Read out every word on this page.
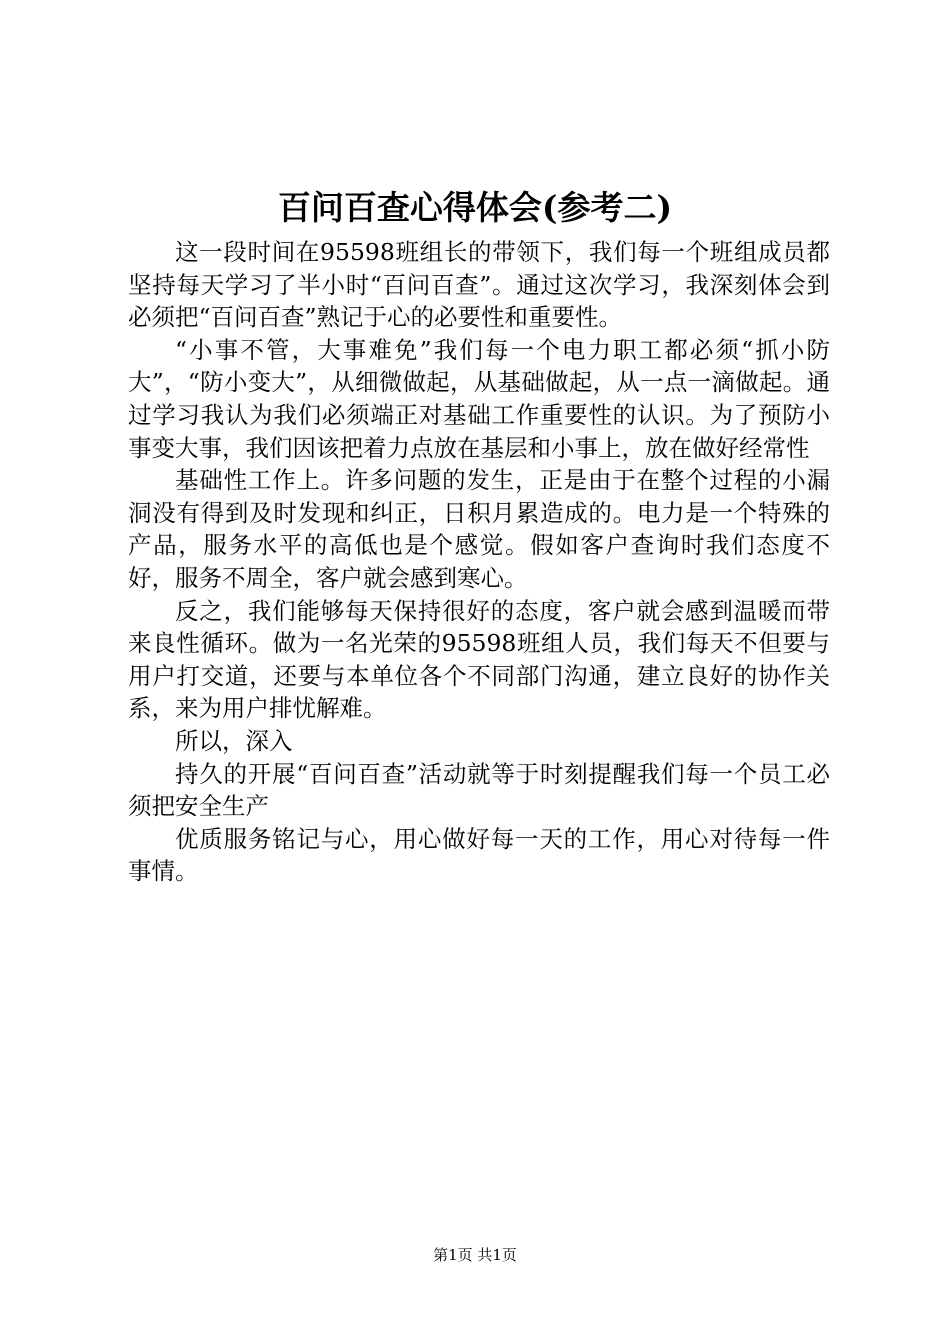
百问百查心得体会(参考二)

这一段时间在95598班组长的带领下，我们每一个班组成员都坚持每天学习了半小时“百问百查”。通过这次学习，我深刻体会到必须把“百问百查”熟记于心的必要性和重要性。

“小事不管，大事难免”我们每一个电力职工都必须“抓小防大”，“防小变大”，从细微做起，从基础做起，从一点一滴做起。通过学习我认为我们必须端正对基础工作重要性的认识。为了预防小事变大事，我们因该把着力点放在基层和小事上，放在做好经常性

基础性工作上。许多问题的发生，正是由于在整个过程的小漏洞没有得到及时发现和纠正，日积月累造成的。电力是一个特殊的产品，服务水平的高低也是个感觉。假如客户查询时我们态度不好，服务不周全，客户就会感到寒心。

反之，我们能够每天保持很好的态度，客户就会感到温暖而带来良性循环。做为一名光荣的95598班组人员，我们每天不但要与用户打交道，还要与本单位各个不同部门沟通，建立良好的协作关系，来为用户排忧解难。

所以，深入

持久的开展“百问百查”活动就等于时刻提醒我们每一个员工必须把安全生产

优质服务铭记与心，用心做好每一天的工作，用心对待每一件事情。

第1页 共1页
